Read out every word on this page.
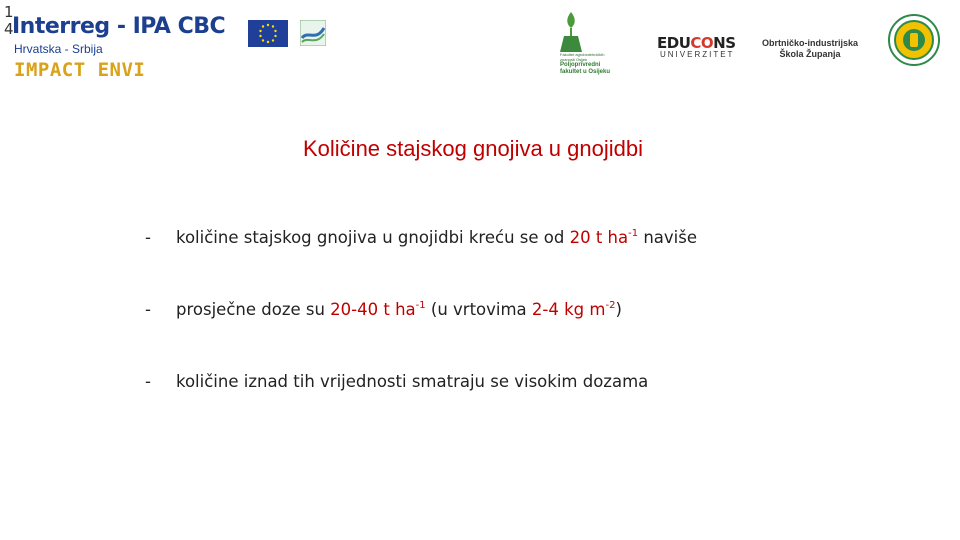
14
Interreg - IPA CBC
Hrvatska - Srbija
IMPACT ENVI
Fakultet agrobiotehničkih
znanosti Osijek
Poljoprivredni fakultet u Osijeku
EDUCONS
UNIVERZITET
Obrtničko-industrijska Škola Županja
Količine stajskog gnojiva u gnojidbi
- količine stajskog gnojiva u gnojidbi kreću se od 20 t $ha^{-1}$ naviše
- prosječne doze su 20-40 t $ha^{-1}$ (u vrtovima 2-4 kg $m^{-2}$)
- količine iznad tih vrijednosti smatraju se visokim dozama
